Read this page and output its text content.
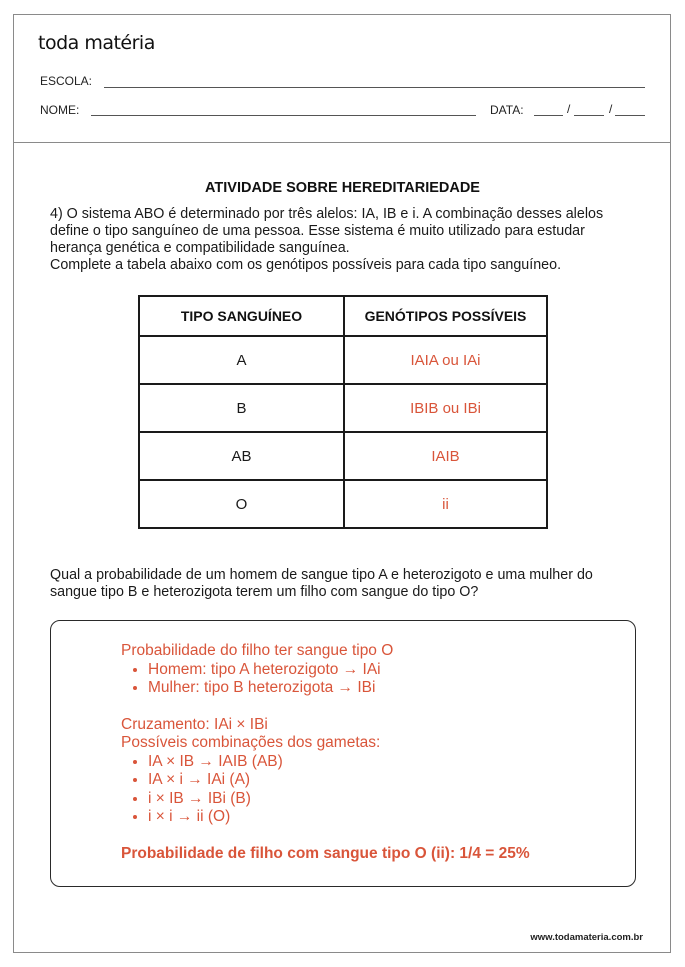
toda matéria
ESCOLA:
NOME:	DATA:	/	/
ATIVIDADE SOBRE HEREDITARIEDADE

4) O sistema ABO é determinado por três alelos: IA, IB e i. A combinação desses alelos

define o tipo sanguíneo de uma pessoa. Esse sistema é muito utilizado para estudar

herança genética e compatibilidade sanguínea.

Complete a tabela abaixo com os genótipos possíveis para cada tipo sanguíneo.

TIPO SANGUÍNEO	GENÓTIPOS POSSÍVEIS
A	IAIA ou IAi
B	IBIB ou IBi
AB	IAIB
O	ii

Qual a probabilidade de um homem de sangue tipo A e heterozigoto e uma mulher do

sangue tipo B e heterozigota terem um filho com sangue do tipo O?

Probabilidade do filho ter sangue tipo O

• Homem: tipo A heterozigoto → IAi
• Mulher: tipo B heterozigota → IBi

Cruzamento: IAi × IBi

Possíveis combinações dos gametas:

• IA × IB → IAIB (AB)
• IA × i → IAi (A)
• i × IB → IBi (B)
• i × i → ii (O)

Probabilidade de filho com sangue tipo O (ii): 1/4 = 25%

www.todamateria.com.br
